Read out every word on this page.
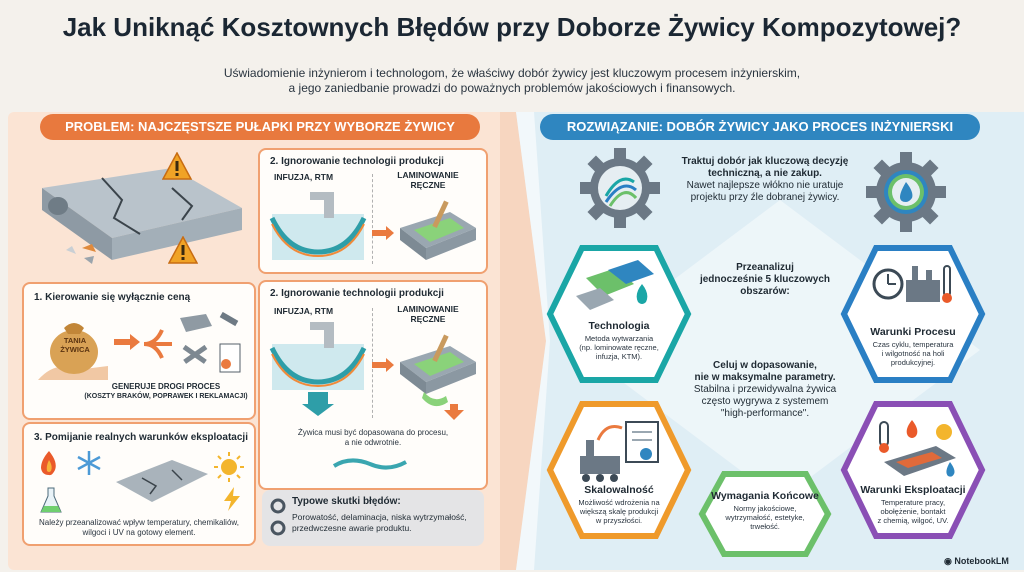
Jak Uniknąć Kosztownych Błędów przy Doborze Żywicy Kompozytowej?
Uświadomienie inżynierom i technologom, że właściwy dobór żywicy jest kluczowym procesem inżynierskim,
a jego zaniedbanie prowadzi do poważnych problemów jakościowych i finansowych.
PROBLEM: NAJCZĘSTSZE PUŁAPKI PRZY WYBORZE ŻYWICY	ROZWIĄZANIE: DOBÓR ŻYWICY JAKO PROCES INŻYNIERSKI
1. Kierowanie się wyłącznie ceną
TANIA
ŻYWICA
GENERUJE DROGI PROCES
(KOSZTY BRAKÓW, POPRAWEK I REKLAMACJI)
3. Pomijanie realnych warunków eksploatacji
Należy przeanalizować wpływ temperatury, chemikaliów,
wilgoci i UV na gotowy element.
2. Ignorowanie technologii produkcji
INFUZJA, RTM	LAMINOWANIE
RĘCZNE
2. Ignorowanie technologii produkcji
INFUZJA, RTM	LAMINOWANIE
RĘCZNE
Żywica musi być dopasowana do procesu,
a nie odwrotnie.
Typowe skutki błędów:
Porowatość, delaminacja, niska wytrzymałość,
przedwczesne awarie produktu.
Traktuj dobór jak kluczową decyzję
techniczną, a nie zakup.
Nawet najlepsze włókno nie uratuje
projektu przy źle dobranej żywicy.
Przeanalizuj
jednocześnie 5 kluczowych
obszarów:
Celuj w dopasowanie,
nie w maksymalne parametry.
Stabilna i przewidywalna żywica
często wygrywa z systemem
"high-performance".
Technologia
Metoda wytwarzania
(np. lominowate ręczne,
infuzja, KTM).
Warunki Procesu
Czas cyklu, temperatura
i wilgotność na holi
produkcyjnej.
Skalowalność
Możliwość wdrożenia na
większą skalę produkcji
w przyszłości.
Wymagania Końcowe
Normy jakościowe,
wytrzymałość, estetyke,
trwełość.
Warunki Eksploatacji
Temperature pracy,
obołężenie, bontakt
z chemią, wilgoć, UV.
◉ NotebookLM
